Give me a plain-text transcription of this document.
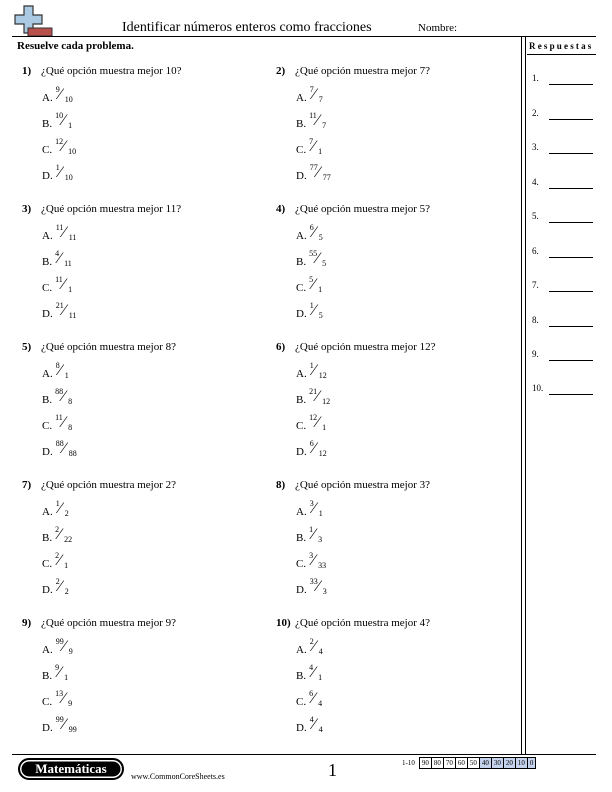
Identificar números enteros como fracciones	Nombre:
Resuelve cada problema.	Respuestas
1.
2.
3.
4.
5.
6.
7.
8.
9.
10.
1) ¿Qué opción muestra mejor 10?
A.
9 ⁄ 10
B.
10 ⁄ 1
C.
12 ⁄ 10
D.
1 ⁄ 10
2) ¿Qué opción muestra mejor 7?
A.
7 ⁄ 7
B.
11 ⁄ 7
C.
7 ⁄ 1
D.
77 ⁄ 77
3) ¿Qué opción muestra mejor 11?
A.
11 ⁄ 11
B.
4 ⁄ 11
C.
11 ⁄ 1
D.
21 ⁄ 11
4) ¿Qué opción muestra mejor 5?
A.
6 ⁄ 5
B.
55 ⁄ 5
C.
5 ⁄ 1
D.
1 ⁄ 5
5) ¿Qué opción muestra mejor 8?
A.
8 ⁄ 1
B.
88 ⁄ 8
C.
11 ⁄ 8
D.
88 ⁄ 88
6) ¿Qué opción muestra mejor 12?
A.
1 ⁄ 12
B.
21 ⁄ 12
C.
12 ⁄ 1
D.
6 ⁄ 12
7) ¿Qué opción muestra mejor 2?
A.
1 ⁄ 2
B.
2 ⁄ 22
C.
2 ⁄ 1
D.
2 ⁄ 2
8) ¿Qué opción muestra mejor 3?
A.
3 ⁄ 1
B.
1 ⁄ 3
C.
3 ⁄ 33
D.
33 ⁄ 3
9) ¿Qué opción muestra mejor 9?
A.
99 ⁄ 9
B.
9 ⁄ 1
C.
13 ⁄ 9
D.
99 ⁄ 99
10) ¿Qué opción muestra mejor 4?
A.
2 ⁄ 4
B.
4 ⁄ 1
C.
6 ⁄ 4
D.
4 ⁄ 4
Matemáticas
www.CommonCoreSheets.es	1	1-10	90	80	70	60	50	40	30	20	10	0
